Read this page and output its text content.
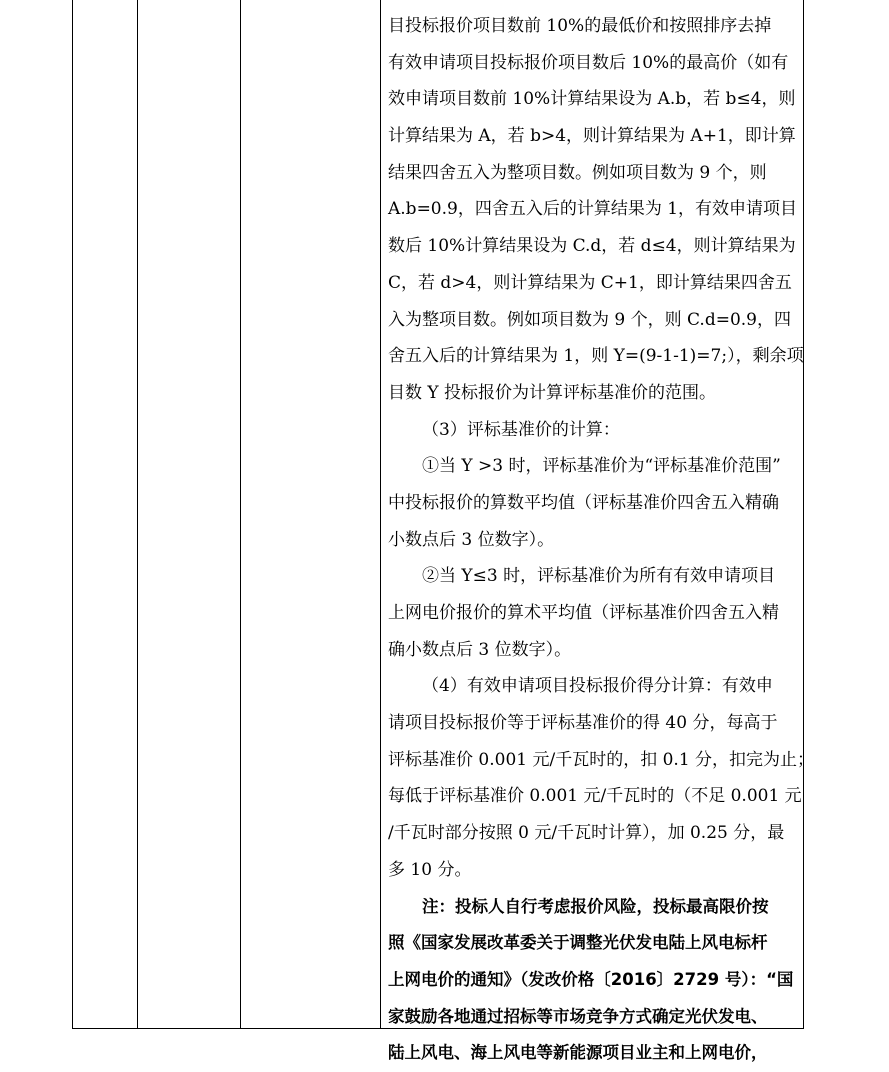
目投标报价项目数前 10%的最低价和按照排序去掉
有效申请项目投标报价项目数后 10%的最高价（如有
效申请项目数前 10%计算结果设为 A.b，若 b≤4，则
计算结果为 A，若 b>4，则计算结果为 A+1，即计算
结果四舍五入为整项目数。例如项目数为 9 个，则
A.b=0.9，四舍五入后的计算结果为 1，有效申请项目
数后 10%计算结果设为 C.d，若 d≤4，则计算结果为
C，若 d>4，则计算结果为 C+1，即计算结果四舍五
入为整项目数。例如项目数为 9 个，则 C.d=0.9，四
舍五入后的计算结果为 1，则 Y=(9-1-1)=7;），剩余项
目数 Y 投标报价为计算评标基准价的范围。
（3）评标基准价的计算：
①当 Y >3 时，评标基准价为“评标基准价范围”
中投标报价的算数平均值（评标基准价四舍五入精确
小数点后 3 位数字）。
②当 Y≤3 时，评标基准价为所有有效申请项目
上网电价报价的算术平均值（评标基准价四舍五入精
确小数点后 3 位数字）。
（4）有效申请项目投标报价得分计算：有效申
请项目投标报价等于评标基准价的得 40 分，每高于
评标基准价 0.001 元/千瓦时的，扣 0.1 分，扣完为止；
每低于评标基准价 0.001 元/千瓦时的（不足 0.001 元
/千瓦时部分按照 0 元/千瓦时计算），加 0.25 分，最
多 10 分。
注：投标人自行考虑报价风险，投标最高限价按
照《国家发展改革委关于调整光伏发电陆上风电标杆
上网电价的通知》（发改价格〔2016〕2729 号）：“国
家鼓励各地通过招标等市场竞争方式确定光伏发电、
陆上风电、海上风电等新能源项目业主和上网电价，
